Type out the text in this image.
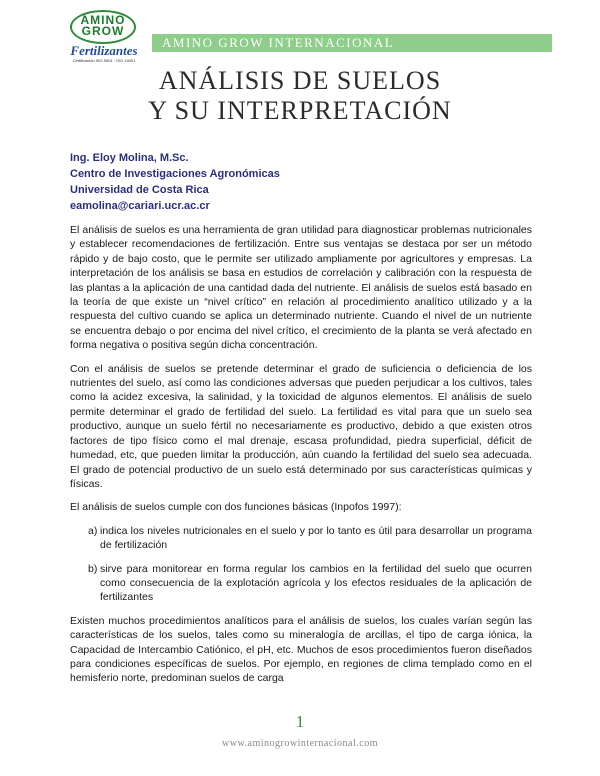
AMINO
GROW
Fertilizantes
Certificación ISO 9001 · ISO 14001
AMINO GROW INTERNACIONAL
ANÁLISIS DE SUELOS
Y SU INTERPRETACIÓN
Ing. Eloy Molina, M.Sc.
Centro de Investigaciones Agronómicas
Universidad de Costa Rica
eamolina@cariari.ucr.ac.cr

El análisis de suelos es una herramienta de gran utilidad para diagnosticar problemas nutricionales y establecer recomendaciones de fertilización. Entre sus ventajas se destaca por ser un método rápido y de bajo costo, que le permite ser utilizado ampliamente por agricultores y empresas. La interpretación de los análisis se basa en estudios de correlación y calibración con la respuesta de las plantas a la aplicación de una cantidad dada del nutriente. El análisis de suelos está basado en la teoría de que existe un “nivel crítico” en relación al procedimiento analítico utilizado y a la respuesta del cultivo cuando se aplica un determinado nutriente. Cuando el nivel de un nutriente se encuentra debajo o por encima del nivel crítico, el crecimiento de la planta se verá afectado en forma negativa o positiva según dicha concentración.

Con el análisis de suelos se pretende determinar el grado de suficiencia o deficiencia de los nutrientes del suelo, así como las condiciones adversas que pueden perjudicar a los cultivos, tales como la acidez excesiva, la salinidad, y la toxicidad de algunos elementos. El análisis de suelo permite determinar el grado de fertilidad del suelo. La fertilidad es vital para que un suelo sea productivo, aunque un suelo fértil no necesariamente es productivo, debido a que existen otros factores de tipo físico como el mal drenaje, escasa profundidad, piedra superficial, déficit de humedad, etc, que pueden limitar la producción, aún cuando la fertilidad del suelo sea adecuada. El grado de potencial productivo de un suelo está determinado por sus características químicas y físicas.

El análisis de suelos cumple con dos funciones básicas (Inpofos 1997):

a) indica los niveles nutricionales en el suelo y por lo tanto es útil para desarrollar un programa de fertilización
b) sirve para monitorear en forma regular los cambios en la fertilidad del suelo que ocurren como consecuencia de la explotación agrícola y los efectos residuales de la aplicación de fertilizantes

Existen muchos procedimientos analíticos para el análisis de suelos, los cuales varían según las características de los suelos, tales como su mineralogía de arcillas, el tipo de carga iónica, la Capacidad de Intercambio Catiónico, el pH, etc. Muchos de esos procedimientos fueron diseñados para condiciones específicas de suelos. Por ejemplo, en regiones de clima templado como en el hemisferio norte, predominan suelos de carga

1
www.aminogrowinternacional.com
